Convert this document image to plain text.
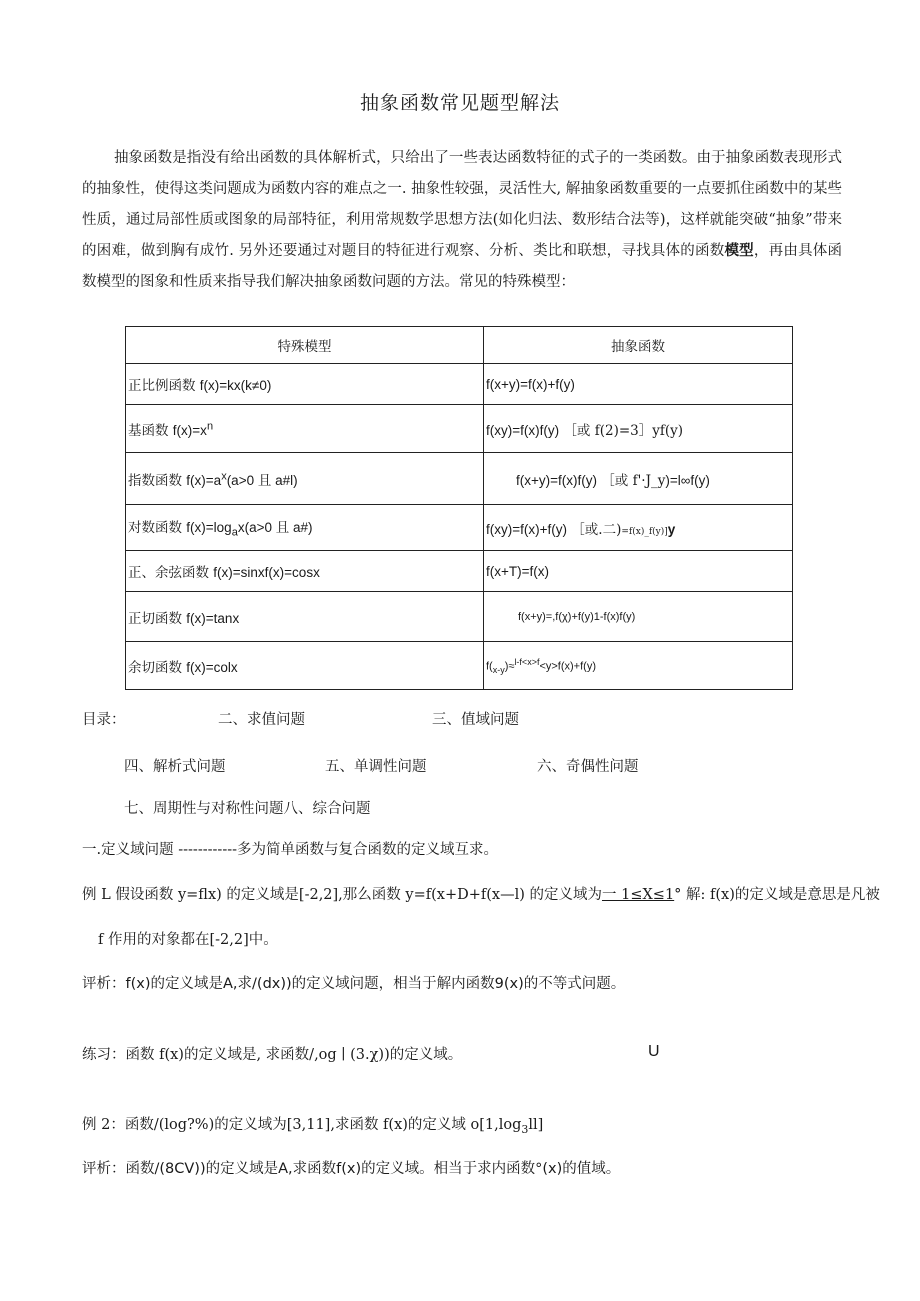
抽象函数常见题型解法

抽象函数是指没有给出函数的具体解析式，只给出了一些表达函数特征的式子的一类函数。由于抽象函数表现形式的抽象性，使得这类问题成为函数内容的难点之一. 抽象性较强，灵活性大, 解抽象函数重要的一点要抓住函数中的某些性质，通过局部性质或图象的局部特征，利用常规数学思想方法(如化归法、数形结合法等)，这样就能突破“抽象”带来的困难，做到胸有成竹. 另外还要通过对题目的特征进行观察、分析、类比和联想，寻找具体的函数模型，再由具体函数模型的图象和性质来指导我们解决抽象函数问题的方法。常见的特殊模型：

特殊模型	抽象函数
正比例函数 f(x)=kx(k≠0)	f(x+y)=f(x)+f(y)
基函数 $f(x)=x^n$	f(xy)=f(x)f(y) ［或 f(2)=3］yf(y)
指数函数 $f(x)=a^x(a>0$ 且 a#l)	f(x+y)=f(x)f(y) ［或 f'·J_y)=l∞f(y)
对数函数 $f(x)=\log_ax(a>0$ 且 a#)	f(xy)=f(x)+f(y) ［或.二)=f(x)_f(y)]y
正、余弦函数 f(x)=sinxf(x)=cosx	f(x+T)=f(x)
正切函数 f(x)=tanx	f(x+y)=,f(χ)+f(y)1-f(x)f(y)
余切函数 f(x)=colx	$f(_{x-y})\approx^{l-f<x>f}<y>f(x)+f(y)$
目录：	二、求值问题	三、值域问题
四、解析式问题	五、单调性问题	六、奇偶性问题
七、周期性与对称性问题八、综合问题
一.定义域问题 ------------多为简单函数与复合函数的定义域互求。
例 L 假设函数 y=flx) 的定义域是[-2,2],那么函数 y=f(x+D+f(x—l) 的定义域为一 1≤X≤1° 解: f(x)的定义域是意思是凡被
f 作用的对象都在[-2,2]中。
评析：f(x)的定义域是A,求/(dx))的定义域问题，相当于解内函数9(x)的不等式问题。
练习：函数 f(x)的定义域是, 求函数/,og ∣ (3.χ))的定义域。	U
例 2：函数/(log?%)的定义域为[3,11],求函数 f(x)的定义域 $o[1,\log_3ll]$
评析：函数/(8CV))的定义域是A,求函数f(x)的定义域。相当于求内函数°(x)的值域。
